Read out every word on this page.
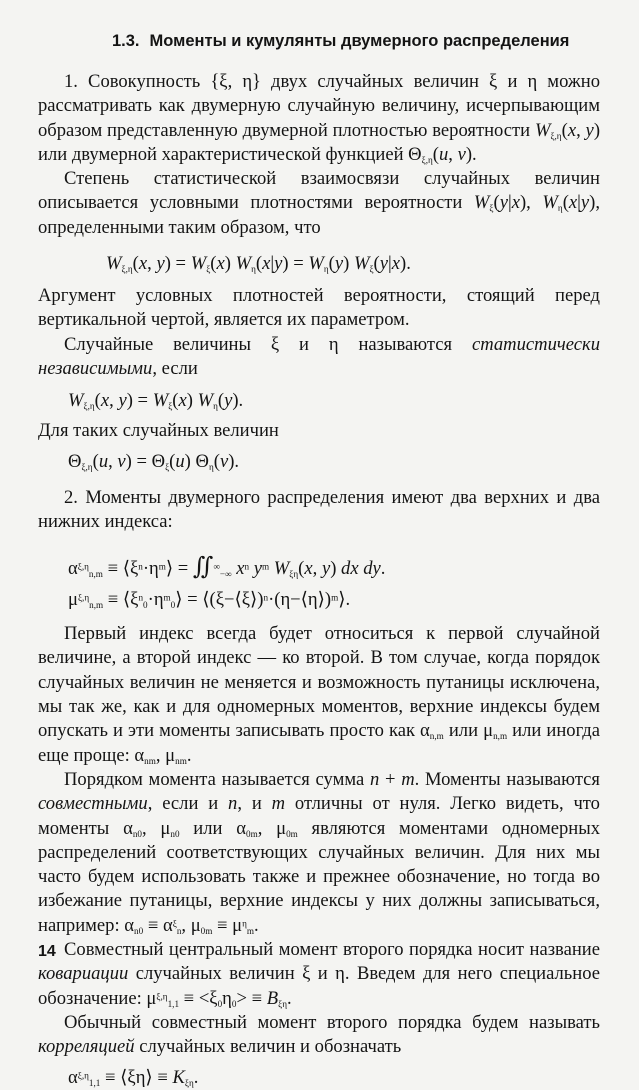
1.3. Моменты и кумулянты двумерного распределения

1. Совокупность {ξ, η} двух случайных величин ξ и η можно рассматривать как двумерную случайную величину, исчерпывающим образом представленную двумерной плотностью вероятности $W_{\xi,\eta}(x$, y) или двумерной характеристической функцией $\Theta_{\xi,\eta}(u$, v).

Степень статистической взаимосвязи случайных величин описывается условными плотностями вероятности $W_\xi(y|x)$, $W_\eta(x|y)$, определенными таким образом, что

$W_{\xi,\eta}(x$, $y) = W_\xi(x) W_\eta(x|y) = W_\eta(y)$ $W_\xi(y|x)$.

Аргумент условных плотностей вероятности, стоящий перед вертикальной чертой, является их параметром.

Случайные величины ξ и η называются статистически независимыми, если

$W_{\xi,\eta}(x$, $y) = W_\xi(x)$ $W_\eta(y)$.

Для таких случайных величин

$\Theta_{\xi,\eta}(u$, $v) = \Theta_\xi(u)$ $\Theta_\eta(v)$.

2. Моменты двумерного распределения имеют два верхних и два нижних индекса:

$\alpha^{\xi,\eta}_{n,m}$ ≡ $⟨\xi^n\cdot\eta^m⟩$ = $∬^\infty_{-\infty}$ $x^n$ $y^m$ $W_{\xi\eta}(x$, y) dx dy.

$\mu^{\xi,\eta}_{n,m}$ ≡ $⟨\xi^n_0\cdot\eta^m_0⟩$ = ⟨(ξ−⟨ξ⟩)$^n$·(η−⟨η⟩)$^m$⟩.

Первый индекс всегда будет относиться к первой случайной величине, а второй индекс — ко второй. В том случае, когда порядок случайных величин не меняется и возможность путаницы исключена, мы так же, как и для одномерных моментов, верхние индексы будем опускать и эти моменты записывать просто как $\alpha_{n,m}$ или $\mu_{n,m}$ или иногда еще проще: $\alpha_{nm}$, $\mu_{nm}$.

Порядком момента называется сумма n + m. Моменты называются совместными, если и n, и m отличны от нуля. Легко видеть, что моменты $\alpha_{n0}$, $\mu_{n0}$ или $\alpha_{0m}$, $\mu_{0m}$ являются моментами одномерных распределений соответствующих случайных величин. Для них мы часто будем использовать также и прежнее обозначение, но тогда во избежание путаницы, верхние индексы у них должны записываться, например: $\alpha_{n0} \equiv \alpha^\xi_n$, $\mu_{0m} \equiv \mu^\eta_m$.

Совместный центральный момент второго порядка носит название ковариации случайных величин ξ и η. Введем для него специальное обозначение: $\mu^{\xi,\eta}_{1,1} \equiv <\xi_0\eta_0> \equiv B_{\xi\eta}$.

Обычный совместный момент второго порядка будем называть корреляцией случайных величин и обозначать

$\alpha^{\xi,\eta}_{1,1}$ ≡ ⟨ξη⟩ ≡ $K_{\xi\eta}$.

14
